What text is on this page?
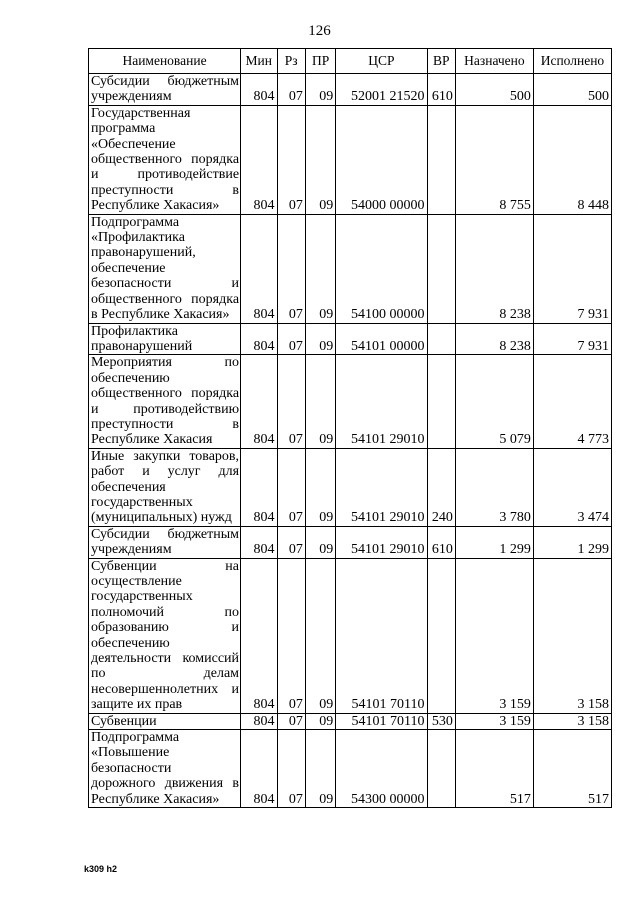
126
Наименование	Мин	Рз	ПР	ЦСР	ВР	Назначено	Исполнено
Субсидии бюджетным учреждениям	804	07	09	52001 21520	610	500	500
Государственная программа «Обеспечение общественного порядка и противодействие преступности в Республике Хакасия»	804	07	09	54000 00000		8 755	8 448
Подпрограмма «Профилактика правонарушений, обеспечение безопасности и общественного порядка в Республике Хакасия»	804	07	09	54100 00000		8 238	7 931
Профилактика правонарушений	804	07	09	54101 00000		8 238	7 931
Мероприятия по обеспечению общественного порядка и противодействию преступности в Республике Хакасия	804	07	09	54101 29010		5 079	4 773
Иные закупки товаров, работ и услуг для обеспечения государственных (муниципальных) нужд	804	07	09	54101 29010	240	3 780	3 474
Субсидии бюджетным учреждениям	804	07	09	54101 29010	610	1 299	1 299
Субвенции на осуществление государственных полномочий по образованию и обеспечению деятельности комиссий по делам несовершеннолетних и защите их прав	804	07	09	54101 70110		3 159	3 158
Субвенции	804	07	09	54101 70110	530	3 159	3 158
Подпрограмма «Повышение безопасности дорожного движения в Республике Хакасия»	804	07	09	54300 00000		517	517
k309 h2
